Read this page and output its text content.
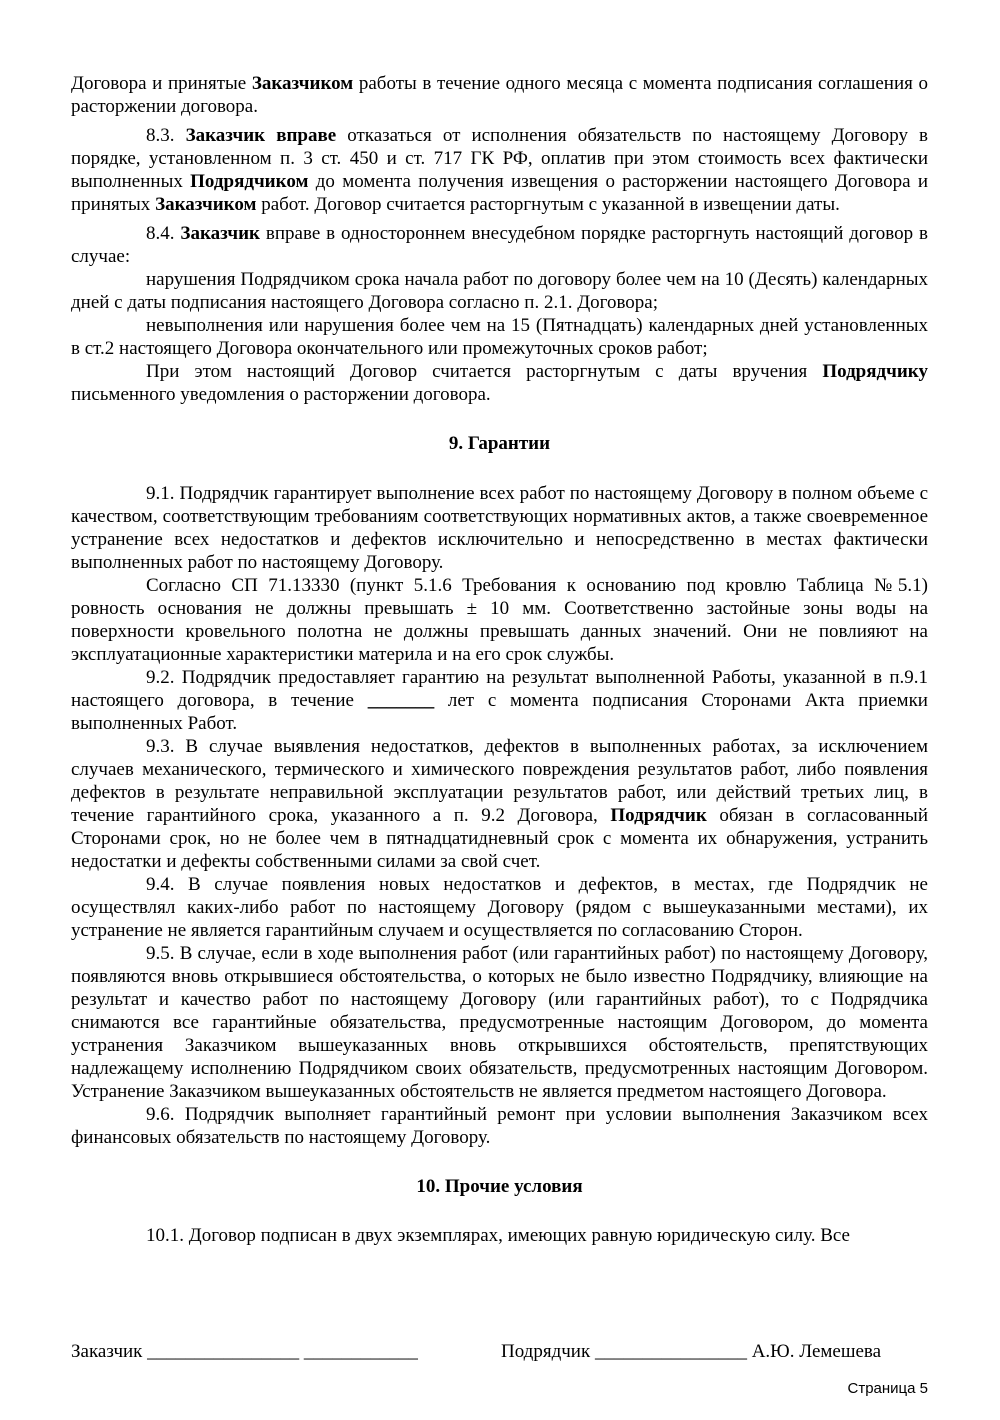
Договора и принятые Заказчиком работы в течение одного месяца с момента подписания соглашения о расторжении договора.

8.3. Заказчик вправе отказаться от исполнения обязательств по настоящему Договору в порядке, установленном п. 3 ст. 450 и ст. 717 ГК РФ, оплатив при этом стоимость всех фактически выполненных Подрядчиком до момента получения извещения о расторжении настоящего Договора и принятых Заказчиком работ. Договор считается расторгнутым с указанной в извещении даты.

8.4. Заказчик вправе в одностороннем внесудебном порядке расторгнуть настоящий договор в случае:

нарушения Подрядчиком срока начала работ по договору более чем на 10 (Десять) календарных дней с даты подписания настоящего Договора согласно п. 2.1. Договора;

невыполнения или нарушения более чем на 15 (Пятнадцать) календарных дней установленных в ст.2 настоящего Договора окончательного или промежуточных сроков работ;

При этом настоящий Договор считается расторгнутым с даты вручения Подрядчику письменного уведомления о расторжении договора.

9. Гарантии

9.1. Подрядчик гарантирует выполнение всех работ по настоящему Договору в полном объеме с качеством, соответствующим требованиям соответствующих нормативных актов, а также своевременное устранение всех недостатков и дефектов исключительно и непосредственно в местах фактически выполненных работ по настоящему Договору.

Согласно СП 71.13330 (пункт 5.1.6 Требования к основанию под кровлю Таблица №5.1) ровность основания не должны превышать ± 10 мм. Соответственно застойные зоны воды на поверхности кровельного полотна не должны превышать данных значений. Они не повлияют на эксплуатационные характеристики материла и на его срок службы.

9.2. Подрядчик предоставляет гарантию на результат выполненной Работы, указанной в п.9.1 настоящего договора, в течение _______ лет с момента подписания Сторонами Акта приемки выполненных Работ.

9.3. В случае выявления недостатков, дефектов в выполненных работах, за исключением случаев механического, термического и химического повреждения результатов работ, либо появления дефектов в результате неправильной эксплуатации результатов работ, или действий третьих лиц, в течение гарантийного срока, указанного а п. 9.2 Договора, Подрядчик обязан в согласованный Сторонами срок, но не более чем в пятнадцатидневный срок с момента их обнаружения, устранить недостатки и дефекты собственными силами за свой счет.

9.4. В случае появления новых недостатков и дефектов, в местах, где Подрядчик не осуществлял каких-либо работ по настоящему Договору (рядом с вышеуказанными местами), их устранение не является гарантийным случаем и осуществляется по согласованию Сторон.

9.5. В случае, если в ходе выполнения работ (или гарантийных работ) по настоящему Договору, появляются вновь открывшиеся обстоятельства, о которых не было известно Подрядчику, влияющие на результат и качество работ по настоящему Договору (или гарантийных работ), то с Подрядчика снимаются все гарантийные обязательства, предусмотренные настоящим Договором, до момента устранения Заказчиком вышеуказанных вновь открывшихся обстоятельств, препятствующих надлежащему исполнению Подрядчиком своих обязательств, предусмотренных настоящим Договором. Устранение Заказчиком вышеуказанных обстоятельств не является предметом настоящего Договора.

9.6. Подрядчик выполняет гарантийный ремонт при условии выполнения Заказчиком всех финансовых обязательств по настоящему Договору.

10. Прочие условия

10.1. Договор подписан в двух экземплярах, имеющих равную юридическую силу. Все

Заказчик ________________ ____________	Подрядчик ________________ А.Ю. Лемешева
Страница 5
